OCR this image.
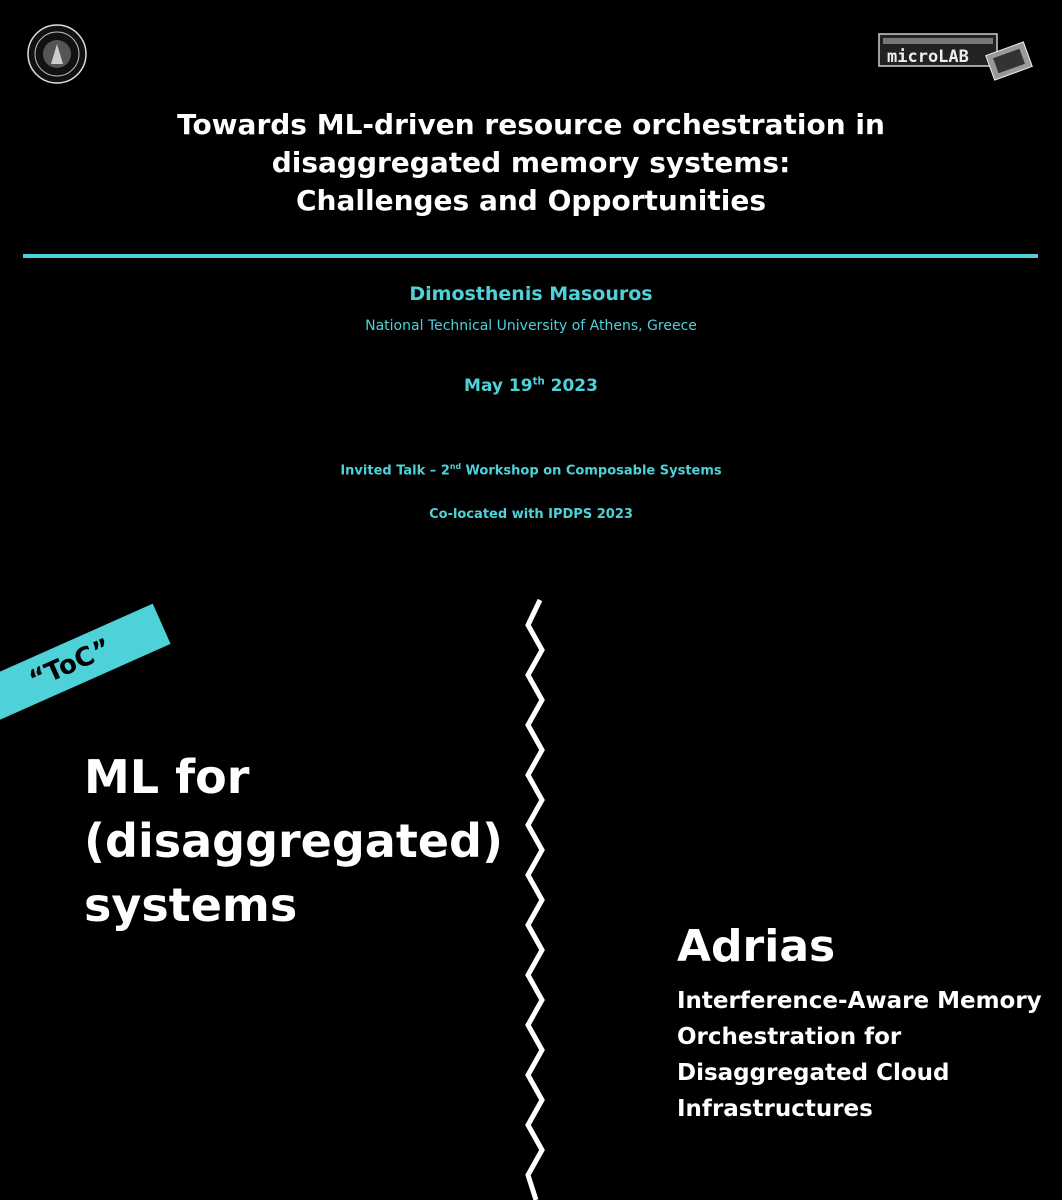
microLAB
Towards ML-driven resource orchestration in
disaggregated memory systems:
Challenges and Opportunities
Dimosthenis Masouros
National Technical University of Athens, Greece
May 19th 2023
Invited Talk – 2nd Workshop on Composable Systems
Co-located with IPDPS 2023
“ToC”
ML for
(disaggregated)
systems
Adrias
Interference-Aware Memory
Orchestration for
Disaggregated Cloud
Infrastructures
